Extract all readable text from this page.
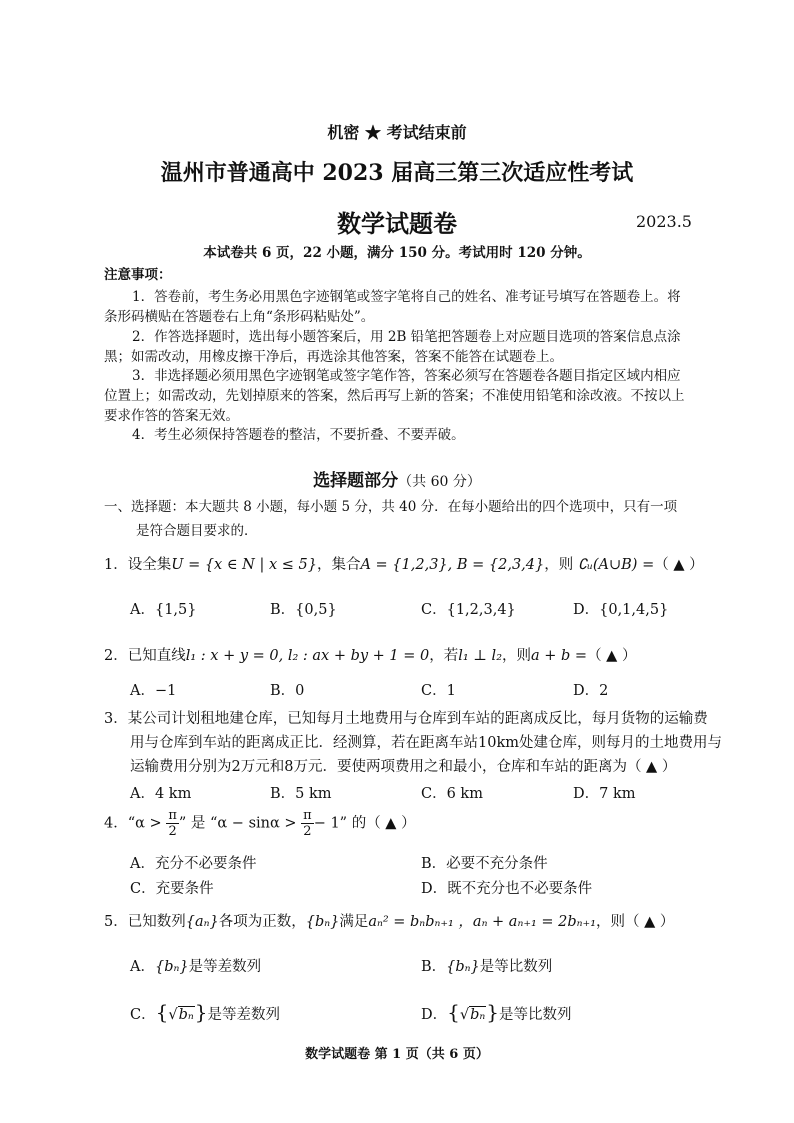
机密 ★ 考试结束前
温州市普通高中 2023 届高三第三次适应性考试
数学试题卷	2023.5
本试卷共 6 页，22 小题，满分 150 分。考试用时 120 分钟。
注意事项：
1．答卷前，考生务必用黑色字迹钢笔或签字笔将自己的姓名、准考证号填写在答题卷上。将条形码横贴在答题卷右上角“条形码粘贴处”。
2．作答选择题时，选出每小题答案后，用 2B 铅笔把答题卷上对应题目选项的答案信息点涂黑；如需改动，用橡皮擦干净后，再选涂其他答案，答案不能答在试题卷上。
3．非选择题必须用黑色字迹钢笔或签字笔作答，答案必须写在答题卷各题目指定区域内相应位置上；如需改动，先划掉原来的答案，然后再写上新的答案；不准使用铅笔和涂改液。不按以上要求作答的答案无效。
4．考生必须保持答题卷的整洁，不要折叠、不要弄破。
选择题部分（共 60 分）
一、选择题：本大题共 8 小题，每小题 5 分，共 40 分．在每小题给出的四个选项中，只有一项
是符合题目要求的．
1．设全集U = {x ∈ N | x ≤ 5}，集合A = {1,2,3}, B = {2,3,4}，则 ∁ᵤ(A∪B) =（ ▲ ）
A．{1,5}	B．{0,5}	C．{1,2,3,4}	D．{0,1,4,5}
2．已知直线l₁ : x + y = 0, l₂ : ax + by + 1 = 0，若l₁ ⊥ l₂，则a + b =（ ▲ ）
A．−1	B．0	C．1	D．2
3．某公司计划租地建仓库，已知每月土地费用与仓库到车站的距离成反比，每月货物的运输费
用与仓库到车站的距离成正比．经测算，若在距离车站10km处建仓库，则每月的土地费用与
运输费用分别为2万元和8万元．要使两项费用之和最小，仓库和车站的距离为（ ▲ ）
A．4 km	B．5 km	C．6 km	D．7 km
4．“$\alpha > \frac{\pi}{2}$ ” 是 “$\alpha - \sin\alpha > \frac{\pi}{2} - 1$” 的（ ▲ ）
A．充分不必要条件	B．必要不充分条件
C．充要条件	D．既不充分也不必要条件
5．已知数列{aₙ}各项为正数，{bₙ}满足aₙ² = bₙbₙ₊₁ ，aₙ + aₙ₊₁ = 2bₙ₊₁，则（ ▲ ）
A．{bₙ}是等差数列	B．{bₙ}是等比数列
C．{√bₙ}是等差数列	D．{√bₙ}是等比数列
数学试题卷 第 1 页（共 6 页）
